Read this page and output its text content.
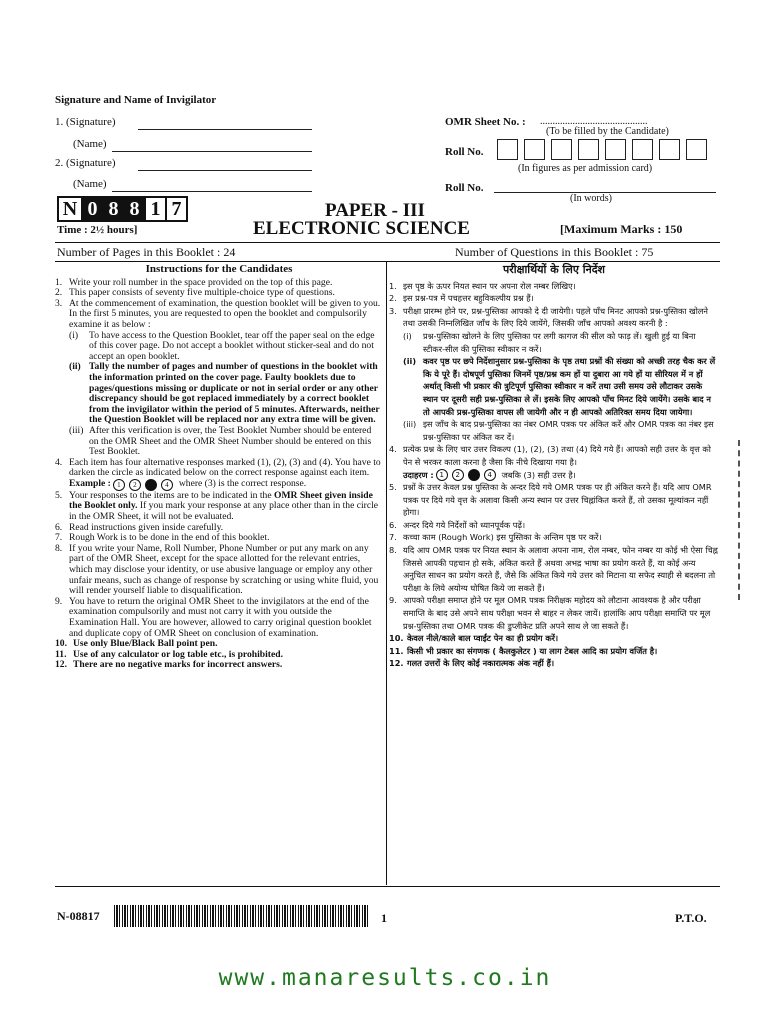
Signature and Name of Invigilator
1. (Signature)
(Name)
2. (Signature)
(Name)
OMR Sheet No. : ...........................................
(To be filled by the Candidate)
Roll No.
(In figures as per admission card)
Roll No.
(In words)
N 0 8 8 1 7	PAPER - III
ELECTRONIC SCIENCE
Time : 2½ hours]	[Maximum Marks : 150
Number of Pages in this Booklet : 24	Number of Questions in this Booklet : 75

Instructions for the Candidates

1. Write your roll number in the space provided on the top of this page.
2. This paper consists of seventy five multiple-choice type of questions.
3. At the commencement of examination, the question booklet will be given to you. In the first 5 minutes, you are requested to open the booklet and compulsorily examine it as below :
(i)	To have access to the Question Booklet, tear off the paper seal on the edge of this cover page. Do not accept a booklet without sticker-seal and do not accept an open booklet.
(ii) Tally the number of pages and number of questions in the booklet with the information printed on the cover page. Faulty booklets due to pages/questions missing or duplicate or not in serial order or any other discrepancy should be got replaced immediately by a correct booklet from the invigilator within the period of 5 minutes. Afterwards, neither the Question Booklet will be replaced nor any extra time will be given.
(iii) After this verification is over, the Test Booklet Number should be entered on the OMR Sheet and the OMR Sheet Number should be entered on this Test Booklet.
4. Each item has four alternative responses marked (1), (2), (3) and (4). You have to darken the circle as indicated below on the correct response against each item.
Example : 1	2	4	where (3) is the correct response.
5. Your responses to the items are to be indicated in the OMR Sheet given inside the Booklet only. If you mark your response at any place other than in the circle in the OMR Sheet, it will not be evaluated.
6. Read instructions given inside carefully.
7. Rough Work is to be done in the end of this booklet.
8. If you write your Name, Roll Number, Phone Number or put any mark on any part of the OMR Sheet, except for the space allotted for the relevant entries, which may disclose your identity, or use abusive language or employ any other unfair means, such as change of response by scratching or using white fluid, you will render yourself liable to disqualification.
9. You have to return the original OMR Sheet to the invigilators at the end of the examination compulsorily and must not carry it with you outside the Examination Hall. You are however, allowed to carry original question booklet and duplicate copy of OMR Sheet on conclusion of examination.
10. Use only Blue/Black Ball point pen.
11. Use of any calculator or log table etc., is prohibited.
12. There are no negative marks for incorrect answers.

परीक्षार्थियों के लिए निर्देश

1. इस पृष्ठ के ऊपर नियत स्थान पर अपना रोल नम्बर लिखिए।
2. इस प्रश्न-पत्र में पचहत्तर बहुविकल्पीय प्रश्न हैं।
3. परीक्षा प्रारम्भ होने पर, प्रश्न-पुस्तिका आपको दे दी जायेगी। पहले पाँच मिनट आपको प्रश्न-पुस्तिका खोलने तथा उसकी निम्नलिखित जाँच के लिए दिये जायेंगे, जिसकी जाँच आपको अवश्य करनी है :
(i)	प्रश्न-पुस्तिका खोलने के लिए पुस्तिका पर लगी कागज की सील को फाड़ लें। खुली हुई या बिना स्टीकर-सील की पुस्तिका स्वीकार न करें।
(ii) कवर पृष्ठ पर छपे निर्देशानुसार प्रश्न-पुस्तिका के पृष्ठ तथा प्रश्नों की संख्या को अच्छी तरह चैक कर लें कि ये पूरे हैं। दोषपूर्ण पुस्तिका जिनमें पृष्ठ/प्रश्न कम हों या दुबारा आ गये हों या सीरियल में न हों अर्थात् किसी भी प्रकार की त्रुटिपूर्ण पुस्तिका स्वीकार न करें तथा उसी समय उसे लौटाकर उसके स्थान पर दूसरी सही प्रश्न-पुस्तिका ले लें। इसके लिए आपको पाँच मिनट दिये जायेंगे। उसके बाद न तो आपकी प्रश्न-पुस्तिका वापस ली जायेगी और न ही आपको अतिरिक्त समय दिया जायेगा।
(iii) इस जाँच के बाद प्रश्न-पुस्तिका का नंबर OMR पत्रक पर अंकित करें और OMR पत्रक का नंबर इस प्रश्न-पुस्तिका पर अंकित कर दें।
4. प्रत्येक प्रश्न के लिए चार उत्तर विकल्प (1), (2), (3) तथा (4) दिये गये हैं। आपको सही उत्तर के वृत्त को पेन से भरकर काला करना है जैसा कि नीचे दिखाया गया है।
उदाहरण : 1	2	4	जबकि (3) सही उत्तर है।
5. प्रश्नों के उत्तर केवल प्रश्न पुस्तिका के अन्दर दिये गये OMR पत्रक पर ही अंकित करने हैं। यदि आप OMR पत्रक पर दिये गये वृत्त के अलावा किसी अन्य स्थान पर उत्तर चिह्नांकित करते हैं, तो उसका मूल्यांकन नहीं होगा।
6. अन्दर दिये गये निर्देशों को ध्यानपूर्वक पढ़ें।
7. कच्चा काम (Rough Work) इस पुस्तिका के अन्तिम पृष्ठ पर करें।
8. यदि आप OMR पत्रक पर नियत स्थान के अलावा अपना नाम, रोल नम्बर, फोन नम्बर या कोई भी ऐसा चिह्न जिससे आपकी पहचान हो सके, अंकित करते हैं अथवा अभद्र भाषा का प्रयोग करते हैं, या कोई अन्य अनुचित साधन का प्रयोग करते हैं, जैसे कि अंकित किये गये उत्तर को मिटाना या सफेद स्याही से बदलना तो परीक्षा के लिये अयोग्य घोषित किये जा सकते हैं।
9. आपको परीक्षा समाप्त होने पर मूल OMR पत्रक निरीक्षक महोदय को लौटाना आवश्यक है और परीक्षा समाप्ति के बाद उसे अपने साथ परीक्षा भवन से बाहर न लेकर जायें। हालांकि आप परीक्षा समाप्ति पर मूल प्रश्न-पुस्तिका तथा OMR पत्रक की डुप्लीकेट प्रति अपने साथ ले जा सकते हैं।
10. केवल नीले/काले बाल प्वाईंट पेन का ही प्रयोग करें।
11. किसी भी प्रकार का संगणक ( कैलकुलेटर ) या लाग टेबल आदि का प्रयोग वर्जित है।
12. गलत उत्तरों के लिए कोई नकारात्मक अंक नहीं हैं।
N-08817	1	P.T.O.
www.manaresults.co.in
